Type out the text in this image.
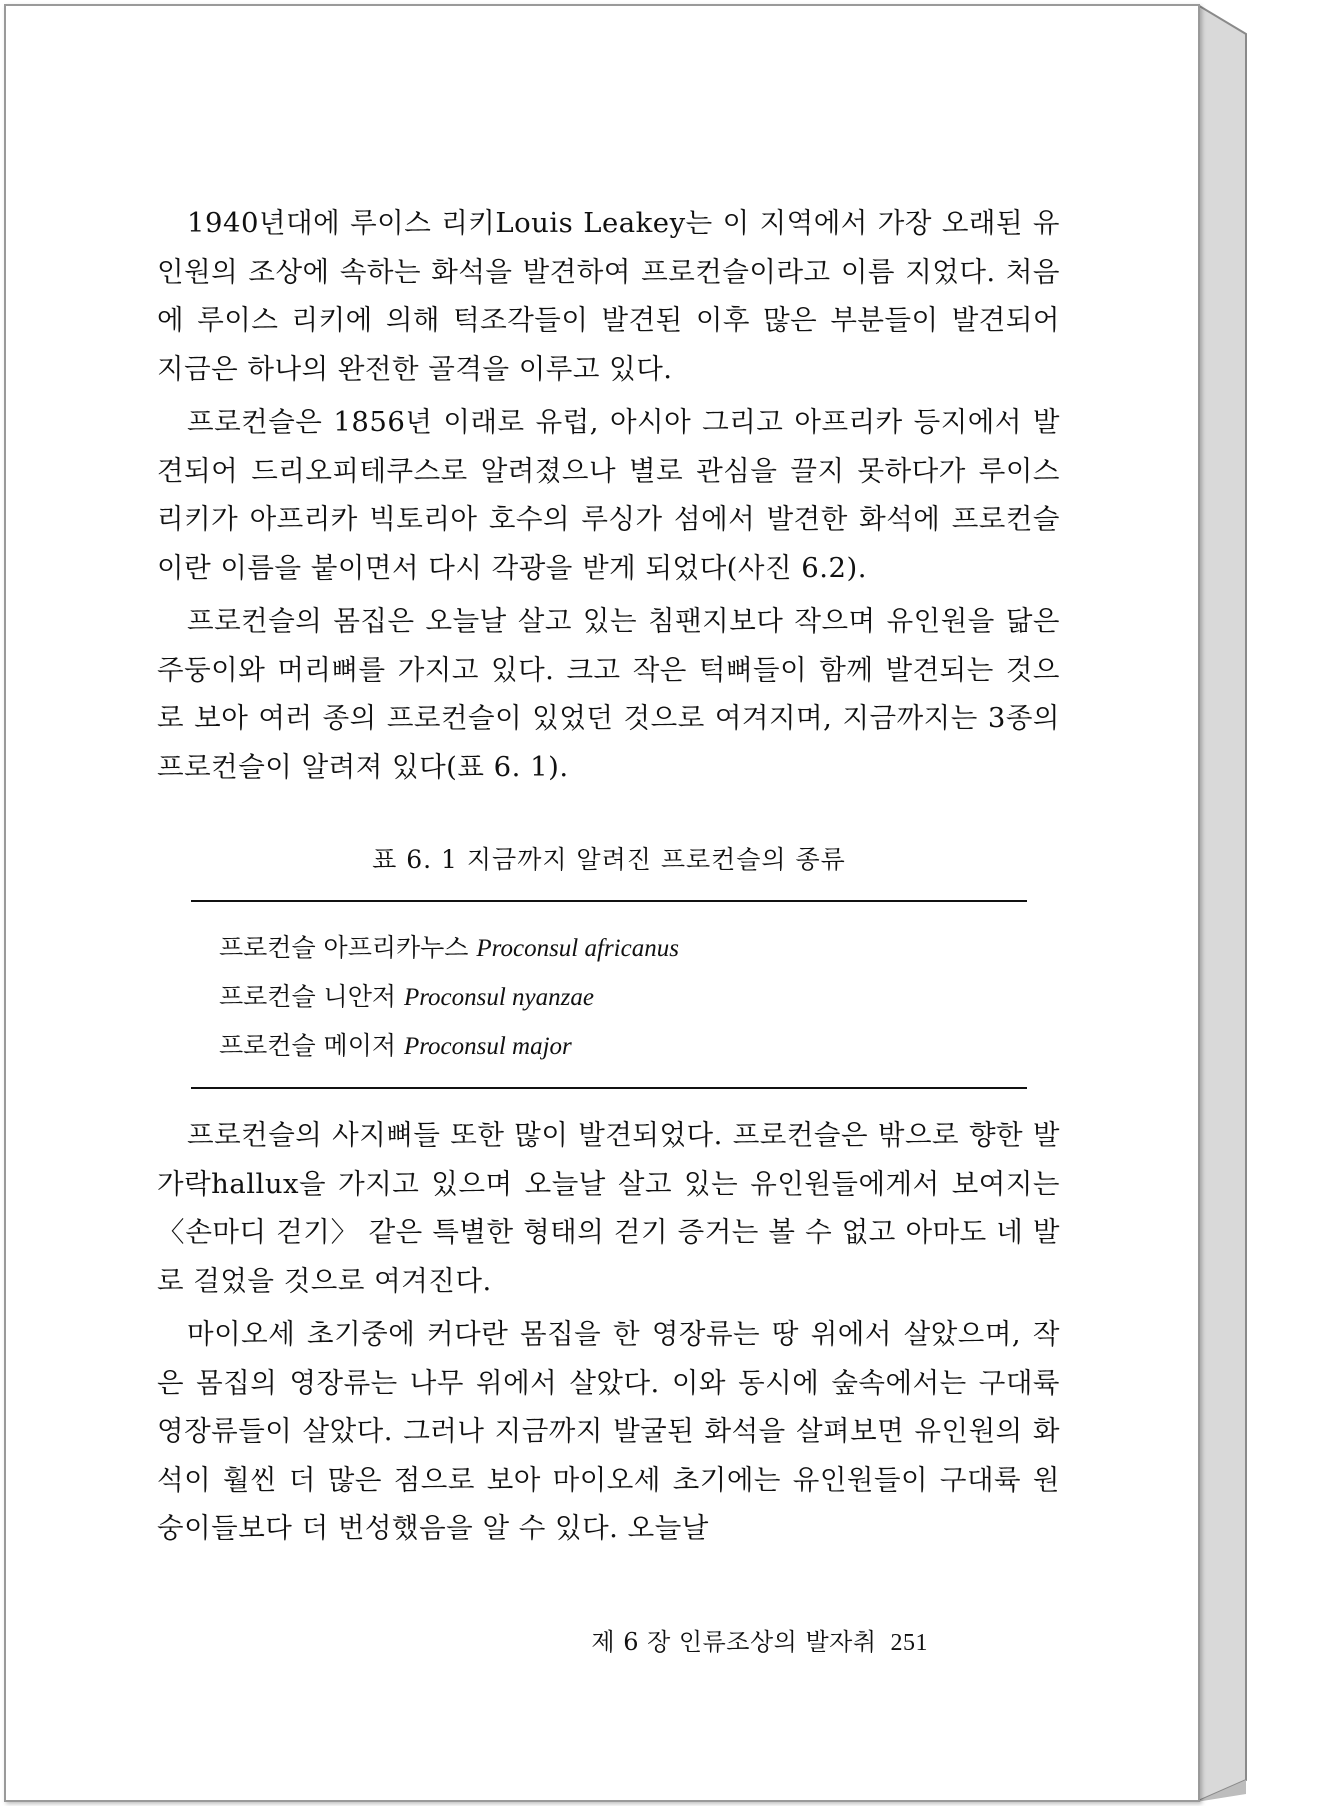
1940년대에 루이스 리키Louis Leakey는 이 지역에서 가장 오래된 유인원의 조상에 속하는 화석을 발견하여 프로컨슬이라고 이름 지었다. 처음에 루이스 리키에 의해 턱조각들이 발견된 이후 많은 부분들이 발견되어 지금은 하나의 완전한 골격을 이루고 있다.

프로컨슬은 1856년 이래로 유럽, 아시아 그리고 아프리카 등지에서 발견되어 드리오피테쿠스로 알려졌으나 별로 관심을 끌지 못하다가 루이스 리키가 아프리카 빅토리아 호수의 루싱가 섬에서 발견한 화석에 프로컨슬이란 이름을 붙이면서 다시 각광을 받게 되었다(사진 6.2).

프로컨슬의 몸집은 오늘날 살고 있는 침팬지보다 작으며 유인원을 닮은 주둥이와 머리뼈를 가지고 있다. 크고 작은 턱뼈들이 함께 발견되는 것으로 보아 여러 종의 프로컨슬이 있었던 것으로 여겨지며, 지금까지는 3종의 프로컨슬이 알려져 있다(표 6. 1).

표 6. 1 지금까지 알려진 프로컨슬의 종류
프로컨슬 아프리카누스 Proconsul africanus
프로컨슬 니안저 Proconsul nyanzae
프로컨슬 메이저 Proconsul major

프로컨슬의 사지뼈들 또한 많이 발견되었다. 프로컨슬은 밖으로 향한 발가락hallux을 가지고 있으며 오늘날 살고 있는 유인원들에게서 보여지는 〈손마디 걷기〉 같은 특별한 형태의 걷기 증거는 볼 수 없고 아마도 네 발로 걸었을 것으로 여겨진다.

마이오세 초기중에 커다란 몸집을 한 영장류는 땅 위에서 살았으며, 작은 몸집의 영장류는 나무 위에서 살았다. 이와 동시에 숲속에서는 구대륙 영장류들이 살았다. 그러나 지금까지 발굴된 화석을 살펴보면 유인원의 화석이 훨씬 더 많은 점으로 보아 마이오세 초기에는 유인원들이 구대륙 원숭이들보다 더 번성했음을 알 수 있다. 오늘날

제 6 장 인류조상의 발자취 251
